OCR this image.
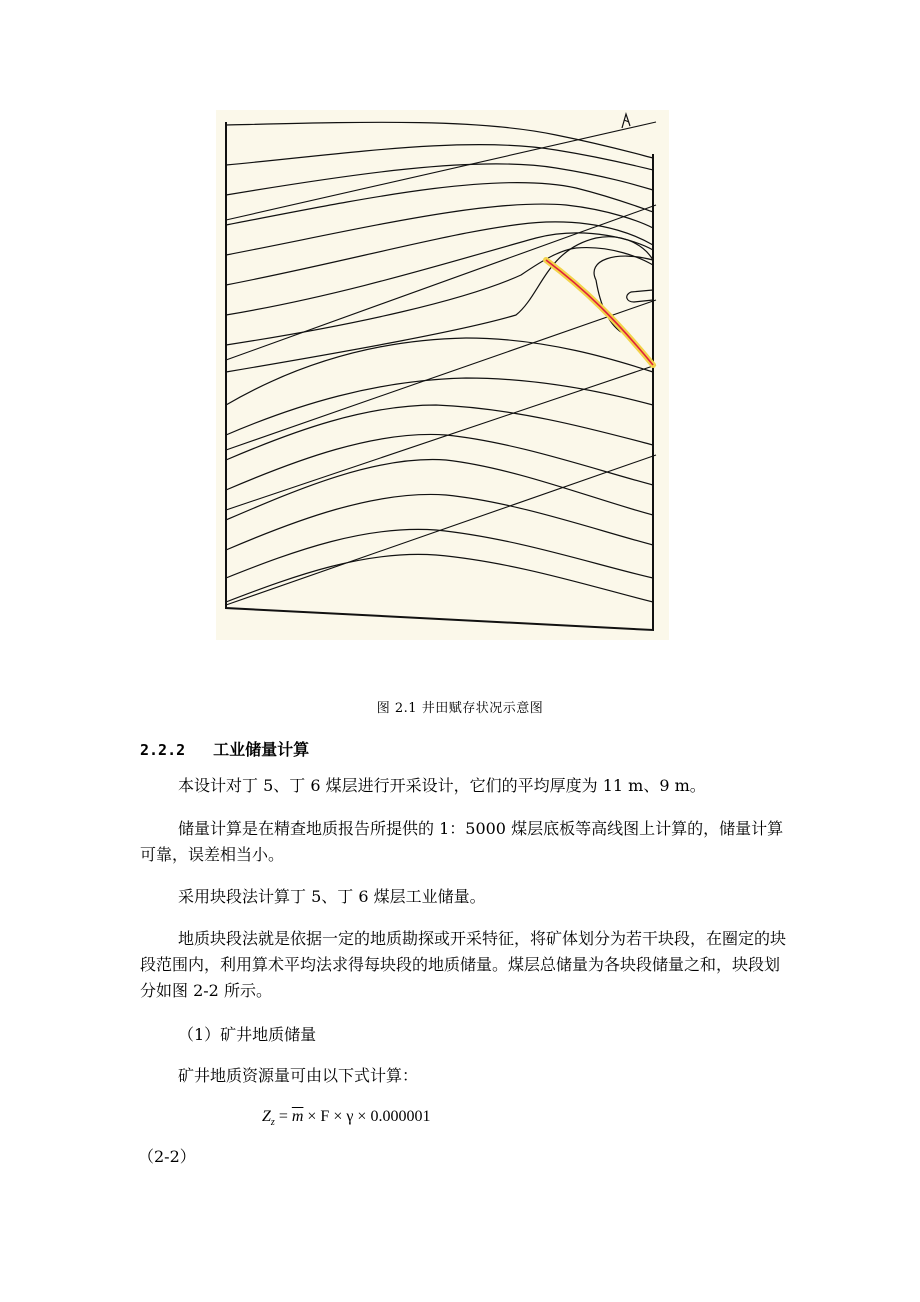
图 2.1 井田赋存状况示意图
2.2.2 工业储量计算
本设计对丁 5、丁 6 煤层进行开采设计，它们的平均厚度为 11 m、9 m。
储量计算是在精查地质报告所提供的 1：5000 煤层底板等高线图上计算的，储量计算可靠，误差相当小。
采用块段法计算丁 5、丁 6 煤层工业储量。
地质块段法就是依据一定的地质勘探或开采特征，将矿体划分为若干块段，在圈定的块段范围内，利用算术平均法求得每块段的地质储量。煤层总储量为各块段储量之和，块段划分如图 2-2 所示。
（1）矿井地质储量
矿井地质资源量可由以下式计算：
$Z_z = \overline{m} \times F \times \gamma \times 0.000001$
（2-2）
